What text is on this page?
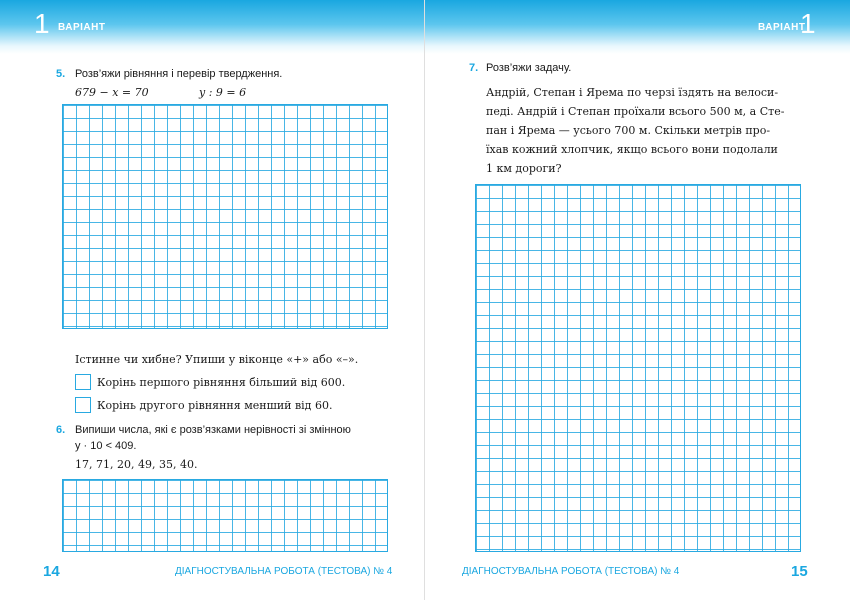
1 ВАРІАНТ
5. Розв’яжи рівняння і перевір твердження.
679 − x = 70	y : 9 = 6
Істинне чи хибне? Упиши у віконце «+» або «–».
Корінь першого рівняння більший від 600.
Корінь другого рівняння менший від 60.
6. Випиши числа, які є розв’язками нерівності зі змінною
y · 10 < 409.
17, 71, 20, 49, 35, 40.
14	ДІАГНОСТУВАЛЬНА РОБОТА (ТЕСТОВА) № 4
ВАРІАНТ
1
7. Розв’яжи задачу.
Андрій, Степан і Ярема по черзі їздять на велоси-
педі. Андрій і Степан проїхали всього 500 м, а Сте-
пан і Ярема — усього 700 м. Скільки метрів про-
їхав кожний хлопчик, якщо всього вони подолали
1 км дороги?
ДІАГНОСТУВАЛЬНА РОБОТА (ТЕСТОВА) № 4	15
